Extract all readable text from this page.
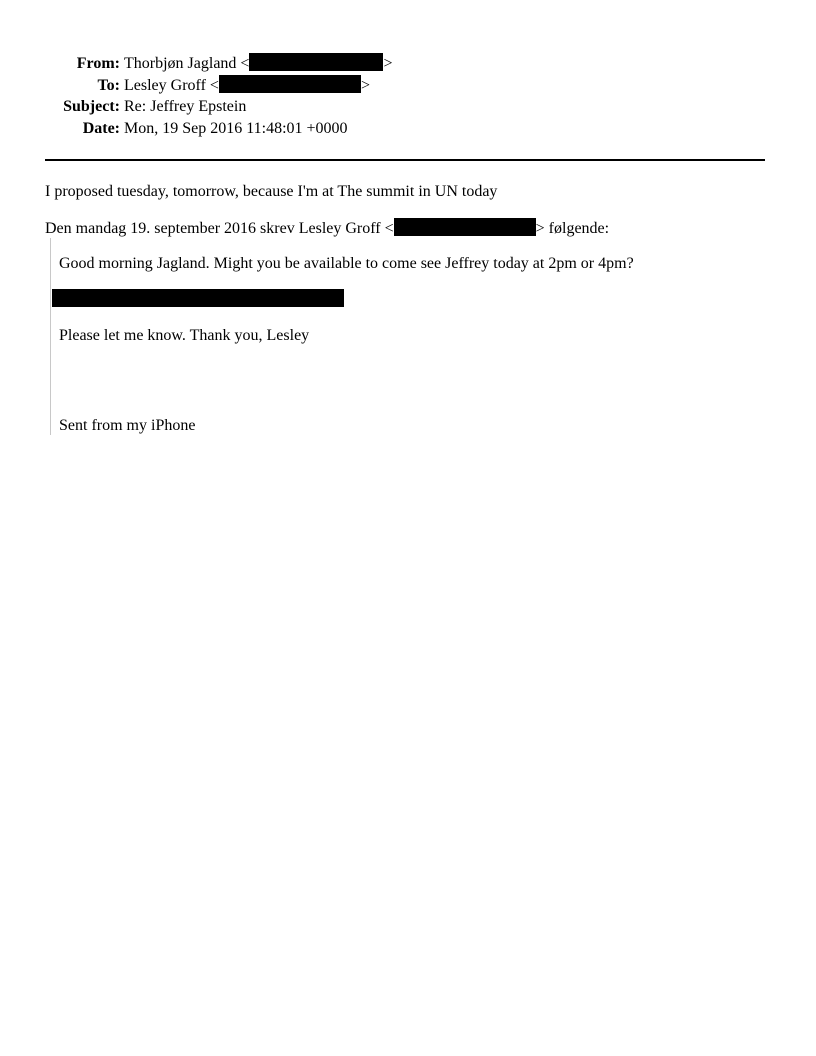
From: Thorbjøn Jagland <	>
To: Lesley Groff <	>
Subject: Re: Jeffrey Epstein
Date: Mon, 19 Sep 2016 11:48:01 +0000
I proposed tuesday, tomorrow, because I'm at The summit in UN today
Den mandag 19. september 2016 skrev Lesley Groff <	> følgende:
Good morning Jagland. Might you be available to come see Jeffrey today at 2pm or 4pm?
Please let me know. Thank you, Lesley
Sent from my iPhone
